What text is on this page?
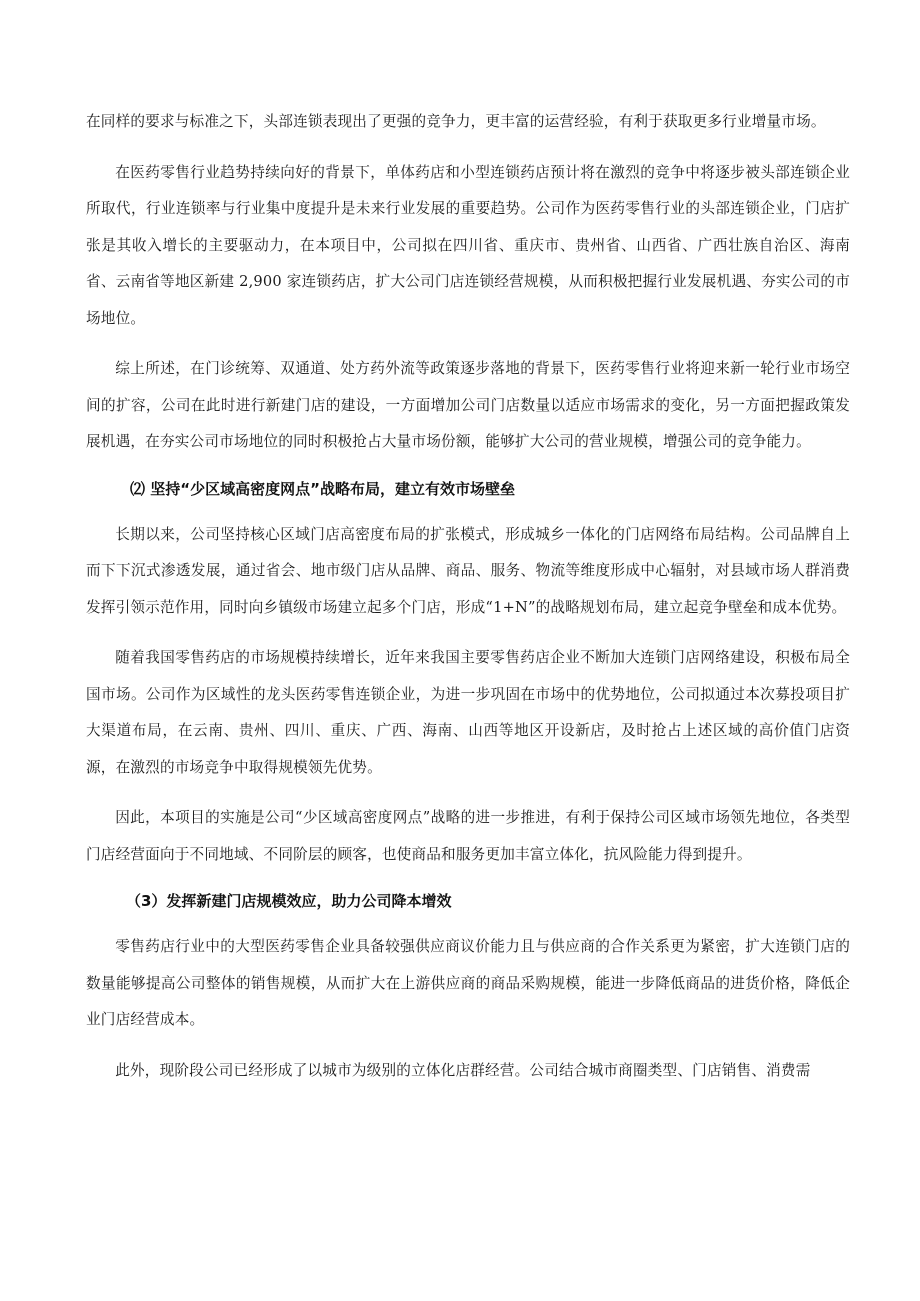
在同样的要求与标准之下，头部连锁表现出了更强的竞争力，更丰富的运营经验，有利于获取更多行业增量市场。

在医药零售行业趋势持续向好的背景下，单体药店和小型连锁药店预计将在激烈的竞争中将逐步被头部连锁企业所取代，行业连锁率与行业集中度提升是未来行业发展的重要趋势。公司作为医药零售行业的头部连锁企业，门店扩张是其收入增长的主要驱动力，在本项目中，公司拟在四川省、重庆市、贵州省、山西省、广西壮族自治区、海南省、云南省等地区新建 2,900 家连锁药店，扩大公司门店连锁经营规模，从而积极把握行业发展机遇、夯实公司的市场地位。

综上所述，在门诊统筹、双通道、处方药外流等政策逐步落地的背景下，医药零售行业将迎来新一轮行业市场空间的扩容，公司在此时进行新建门店的建设，一方面增加公司门店数量以适应市场需求的变化，另一方面把握政策发展机遇，在夯实公司市场地位的同时积极抢占大量市场份额，能够扩大公司的营业规模，增强公司的竞争能力。

⑵ 坚持“少区域高密度网点”战略布局，建立有效市场壁垒

长期以来，公司坚持核心区域门店高密度布局的扩张模式，形成城乡一体化的门店网络布局结构。公司品牌自上而下下沉式渗透发展，通过省会、地市级门店从品牌、商品、服务、物流等维度形成中心辐射，对县域市场人群消费发挥引领示范作用，同时向乡镇级市场建立起多个门店，形成“1+N”的战略规划布局，建立起竞争壁垒和成本优势。

随着我国零售药店的市场规模持续增长，近年来我国主要零售药店企业不断加大连锁门店网络建设，积极布局全国市场。公司作为区域性的龙头医药零售连锁企业，为进一步巩固在市场中的优势地位，公司拟通过本次募投项目扩大渠道布局，在云南、贵州、四川、重庆、广西、海南、山西等地区开设新店，及时抢占上述区域的高价值门店资源，在激烈的市场竞争中取得规模领先优势。

因此，本项目的实施是公司“少区域高密度网点”战略的进一步推进，有利于保持公司区域市场领先地位，各类型门店经营面向于不同地域、不同阶层的顾客，也使商品和服务更加丰富立体化，抗风险能力得到提升。

（3）发挥新建门店规模效应，助力公司降本增效

零售药店行业中的大型医药零售企业具备较强供应商议价能力且与供应商的合作关系更为紧密，扩大连锁门店的数量能够提高公司整体的销售规模，从而扩大在上游供应商的商品采购规模，能进一步降低商品的进货价格，降低企业门店经营成本。

此外，现阶段公司已经形成了以城市为级别的立体化店群经营。公司结合城市商圈类型、门店销售、消费需
